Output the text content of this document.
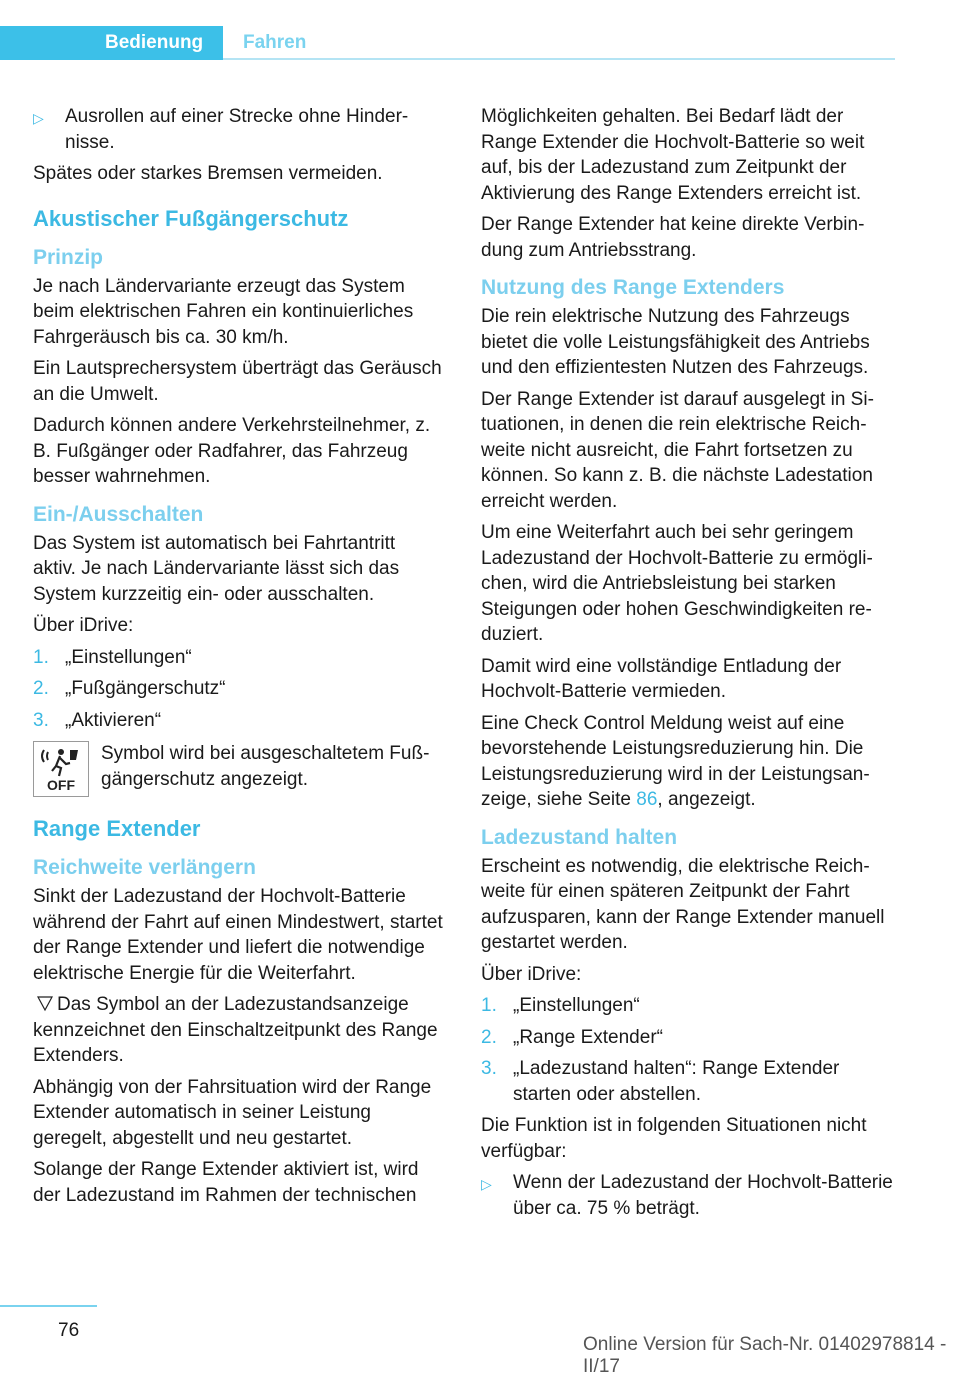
Bedienung Fahren
▷	Ausrollen auf einer Strecke ohne Hindernisse.

Spätes oder starkes Bremsen vermeiden.

Akustischer Fußgängerschutz
Prinzip

Je nach Ländervariante erzeugt das System beim elektrischen Fahren ein kontinuierliches Fahrgeräusch bis ca. 30 km/h.

Ein Lautsprechersystem überträgt das Geräusch an die Umwelt.

Dadurch können andere Verkehrsteilnehmer, z. B. Fußgänger oder Radfahrer, das Fahrzeug besser wahrnehmen.

Ein-/Ausschalten

Das System ist automatisch bei Fahrtantritt aktiv. Je nach Ländervariante lässt sich das System kurzzeitig ein- oder ausschalten.

Über iDrive:

1. „Einstellungen“
2. „Fußgängerschutz“
3. „Aktivieren“
OFF
Symbol wird bei ausgeschaltetem Fußgängerschutz angezeigt.
Range Extender
Reichweite verlängern

Sinkt der Ladezustand der Hochvolt-Batterie während der Fahrt auf einen Mindestwert, startet der Range Extender und liefert die notwendige elektrische Energie für die Weiterfahrt.

Das Symbol an der Ladezustandsanzeige kennzeichnet den Einschaltzeitpunkt des Range Extenders.

Abhängig von der Fahrsituation wird der Range Extender automatisch in seiner Leistung geregelt, abgestellt und neu gestartet.

Solange der Range Extender aktiviert ist, wird der Ladezustand im Rahmen der technischen

Möglichkeiten gehalten. Bei Bedarf lädt der Range Extender die Hochvolt-Batterie so weit auf, bis der Ladezustand zum Zeitpunkt der Aktivierung des Range Extenders erreicht ist.

Der Range Extender hat keine direkte Verbindung zum Antriebsstrang.

Nutzung des Range Extenders

Die rein elektrische Nutzung des Fahrzeugs bietet die volle Leistungsfähigkeit des Antriebs und den effizientesten Nutzen des Fahrzeugs.

Der Range Extender ist darauf ausgelegt in Situationen, in denen die rein elektrische Reichweite nicht ausreicht, die Fahrt fortsetzen zu können. So kann z. B. die nächste Ladestation erreicht werden.

Um eine Weiterfahrt auch bei sehr geringem Ladezustand der Hochvolt-Batterie zu ermöglichen, wird die Antriebsleistung bei starken Steigungen oder hohen Geschwindigkeiten reduziert.

Damit wird eine vollständige Entladung der Hochvolt-Batterie vermieden.

Eine Check Control Meldung weist auf eine bevorstehende Leistungsreduzierung hin. Die Leistungsreduzierung wird in der Leistungsanzeige, siehe Seite 86, angezeigt.

Ladezustand halten

Erscheint es notwendig, die elektrische Reichweite für einen späteren Zeitpunkt der Fahrt aufzusparen, kann der Range Extender manuell gestartet werden.

Über iDrive:

1. „Einstellungen“
2. „Range Extender“
3. „Ladezustand halten“: Range Extender starten oder abstellen.

Die Funktion ist in folgenden Situationen nicht verfügbar:

▷	Wenn der Ladezustand der Hochvolt-Batterie über ca. 75 % beträgt.
76
Online Version für Sach-Nr. 01402978814 - II/17
